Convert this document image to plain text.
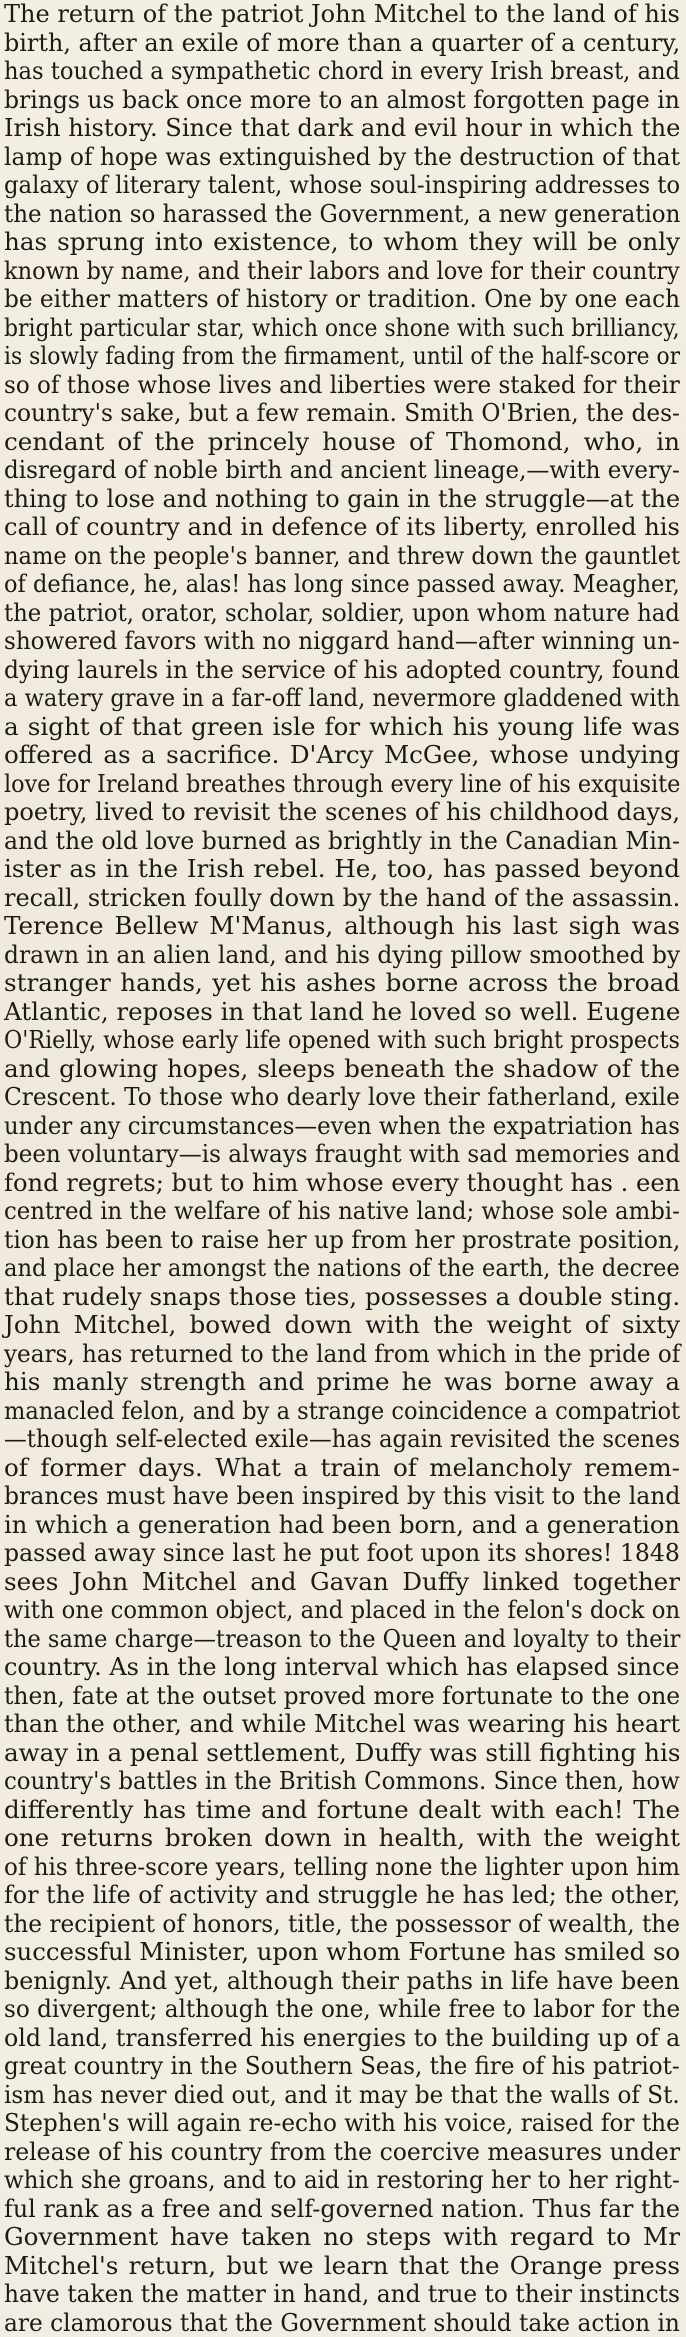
The return of the patriot John Mitchel to the land of his
birth, after an exile of more than a quarter of a century,
has touched a sympathetic chord in every Irish breast, and
brings us back once more to an almost forgotten page in
Irish history. Since that dark and evil hour in which the
lamp of hope was extinguished by the destruction of that
galaxy of literary talent, whose soul-inspiring addresses to
the nation so harassed the Government, a new generation
has sprung into existence, to whom they will be only
known by name, and their labors and love for their country
be either matters of history or tradition. One by one each
bright particular star, which once shone with such brilliancy,
is slowly fading from the firmament, until of the half-score or
so of those whose lives and liberties were staked for their
country's sake, but a few remain. Smith O'Brien, the des-
cendant of the princely house of Thomond, who, in
disregard of noble birth and ancient lineage,—with every-
thing to lose and nothing to gain in the struggle—at the
call of country and in defence of its liberty, enrolled his
name on the people's banner, and threw down the gauntlet
of defiance, he, alas! has long since passed away. Meagher,
the patriot, orator, scholar, soldier, upon whom nature had
showered favors with no niggard hand—after winning un-
dying laurels in the service of his adopted country, found
a watery grave in a far-off land, nevermore gladdened with
a sight of that green isle for which his young life was
offered as a sacrifice. D'Arcy McGee, whose undying
love for Ireland breathes through every line of his exquisite
poetry, lived to revisit the scenes of his childhood days,
and the old love burned as brightly in the Canadian Min-
ister as in the Irish rebel. He, too, has passed beyond
recall, stricken foully down by the hand of the assassin.
Terence Bellew M'Manus, although his last sigh was
drawn in an alien land, and his dying pillow smoothed by
stranger hands, yet his ashes borne across the broad
Atlantic, reposes in that land he loved so well. Eugene
O'Rielly, whose early life opened with such bright prospects
and glowing hopes, sleeps beneath the shadow of the
Crescent. To those who dearly love their fatherland, exile
under any circumstances—even when the expatriation has
been voluntary—is always fraught with sad memories and
fond regrets; but to him whose every thought has . een
centred in the welfare of his native land; whose sole ambi-
tion has been to raise her up from her prostrate position,
and place her amongst the nations of the earth, the decree
that rudely snaps those ties, possesses a double sting.
John Mitchel, bowed down with the weight of sixty
years, has returned to the land from which in the pride of
his manly strength and prime he was borne away a
manacled felon, and by a strange coincidence a compatriot
—though self-elected exile—has again revisited the scenes
of former days. What a train of melancholy remem-
brances must have been inspired by this visit to the land
in which a generation had been born, and a generation
passed away since last he put foot upon its shores! 1848
sees John Mitchel and Gavan Duffy linked together
with one common object, and placed in the felon's dock on
the same charge—treason to the Queen and loyalty to their
country. As in the long interval which has elapsed since
then, fate at the outset proved more fortunate to the one
than the other, and while Mitchel was wearing his heart
away in a penal settlement, Duffy was still fighting his
country's battles in the British Commons. Since then, how
differently has time and fortune dealt with each! The
one returns broken down in health, with the weight
of his three-score years, telling none the lighter upon him
for the life of activity and struggle he has led; the other,
the recipient of honors, title, the possessor of wealth, the
successful Minister, upon whom Fortune has smiled so
benignly. And yet, although their paths in life have been
so divergent; although the one, while free to labor for the
old land, transferred his energies to the building up of a
great country in the Southern Seas, the fire of his patriot-
ism has never died out, and it may be that the walls of St.
Stephen's will again re-echo with his voice, raised for the
release of his country from the coercive measures under
which she groans, and to aid in restoring her to her right-
ful rank as a free and self-governed nation. Thus far the
Government have taken no steps with regard to Mr
Mitchel's return, but we learn that the Orange press
have taken the matter in hand, and true to their instincts
are clamorous that the Government should take action in
